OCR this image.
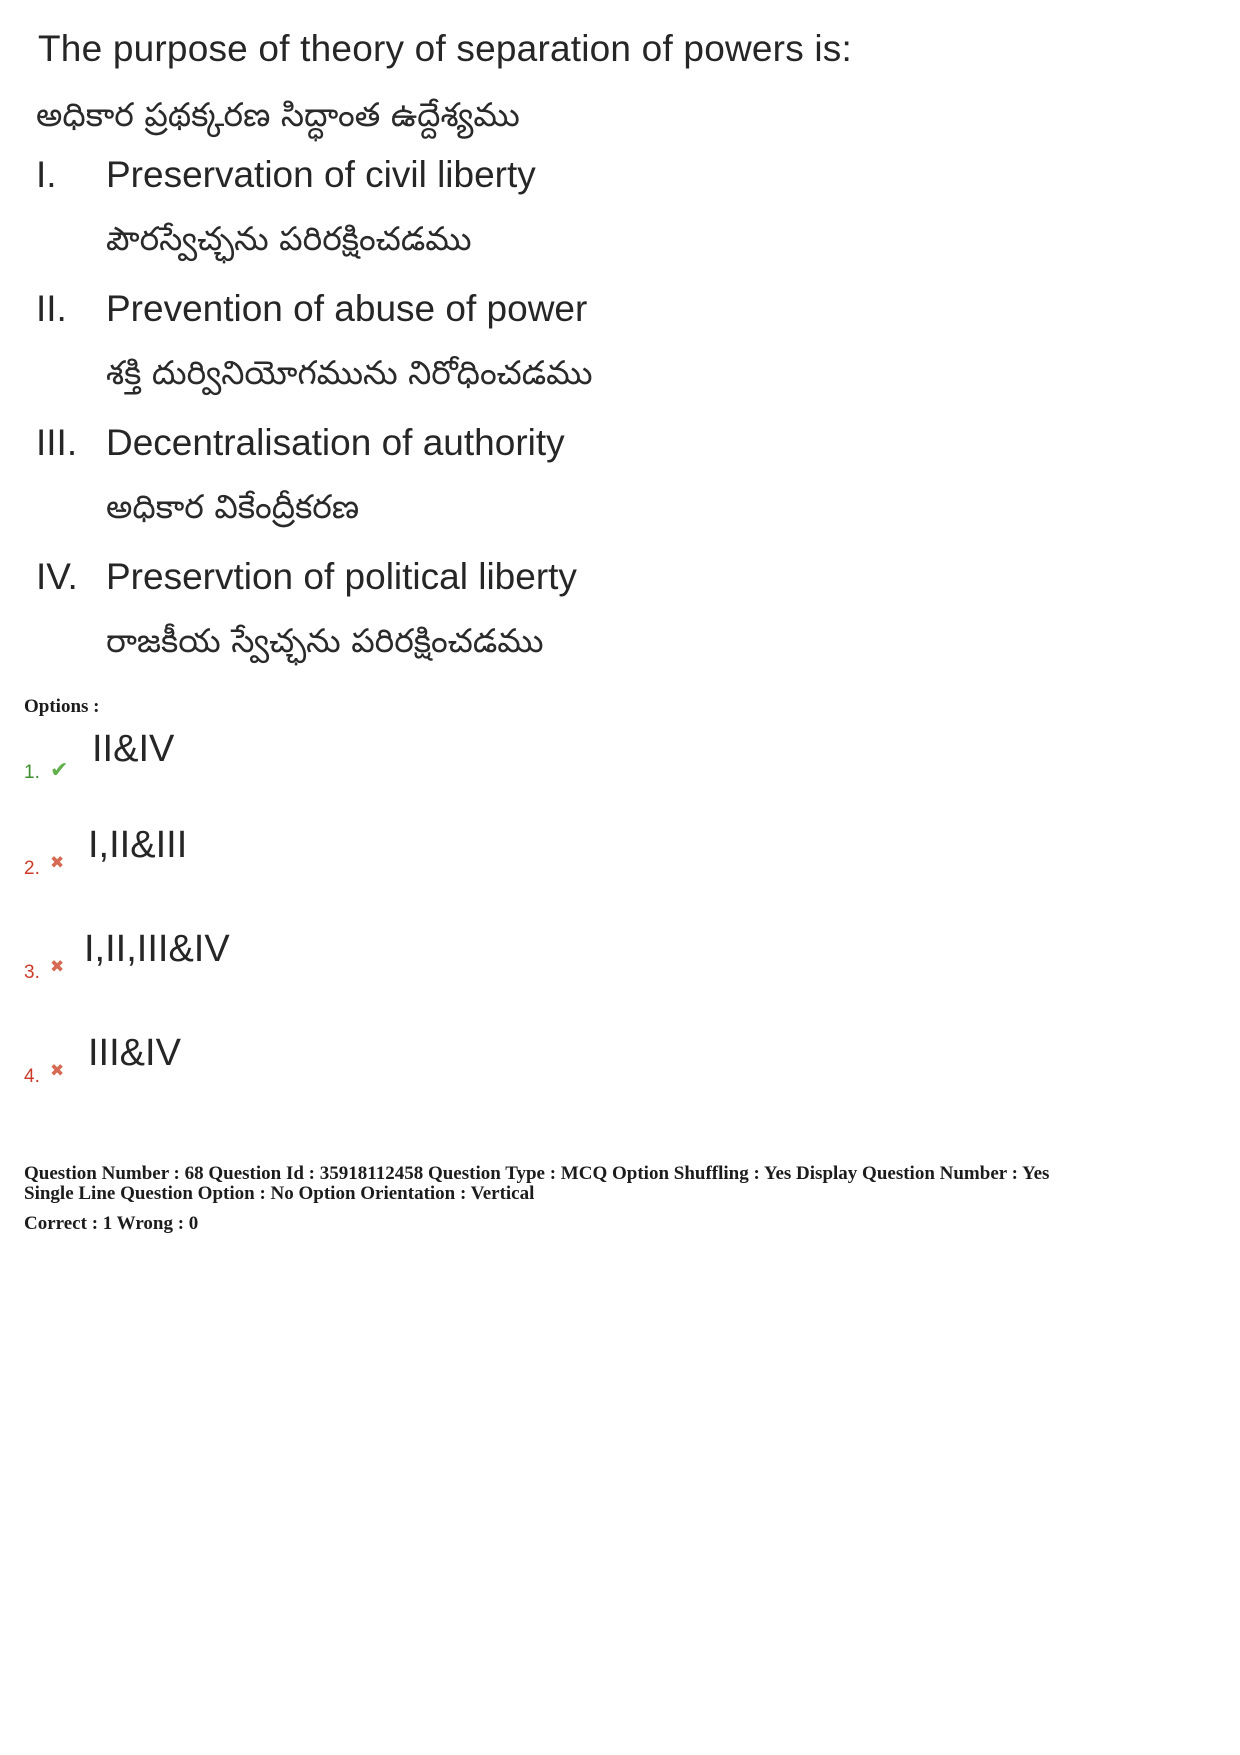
The purpose of theory of separation of powers is:
అధికార ప్రథక్కరణ సిద్ధాంత ఉద్దేశ్యము
I. Preservation of civil liberty
పౌరస్వేచ్ఛను పరిరక్షించడము
II. Prevention of abuse of power
శక్తి దుర్వినియోగమును నిరోధించడము
III. Decentralisation of authority
అధికార వికేంద్రీకరణ
IV. Preservtion of political liberty
రాజకీయ స్వేచ్ఛను పరిరక్షించడము
Options :
1. ✔
II&IV
2. ✖ I,II&III
3. ✖ I,II,III&IV
4. ✖ III&IV
Question Number : 68 Question Id : 35918112458 Question Type : MCQ Option Shuffling : Yes Display Question Number : Yes
Single Line Question Option : No Option Orientation : Vertical
Correct : 1 Wrong : 0
